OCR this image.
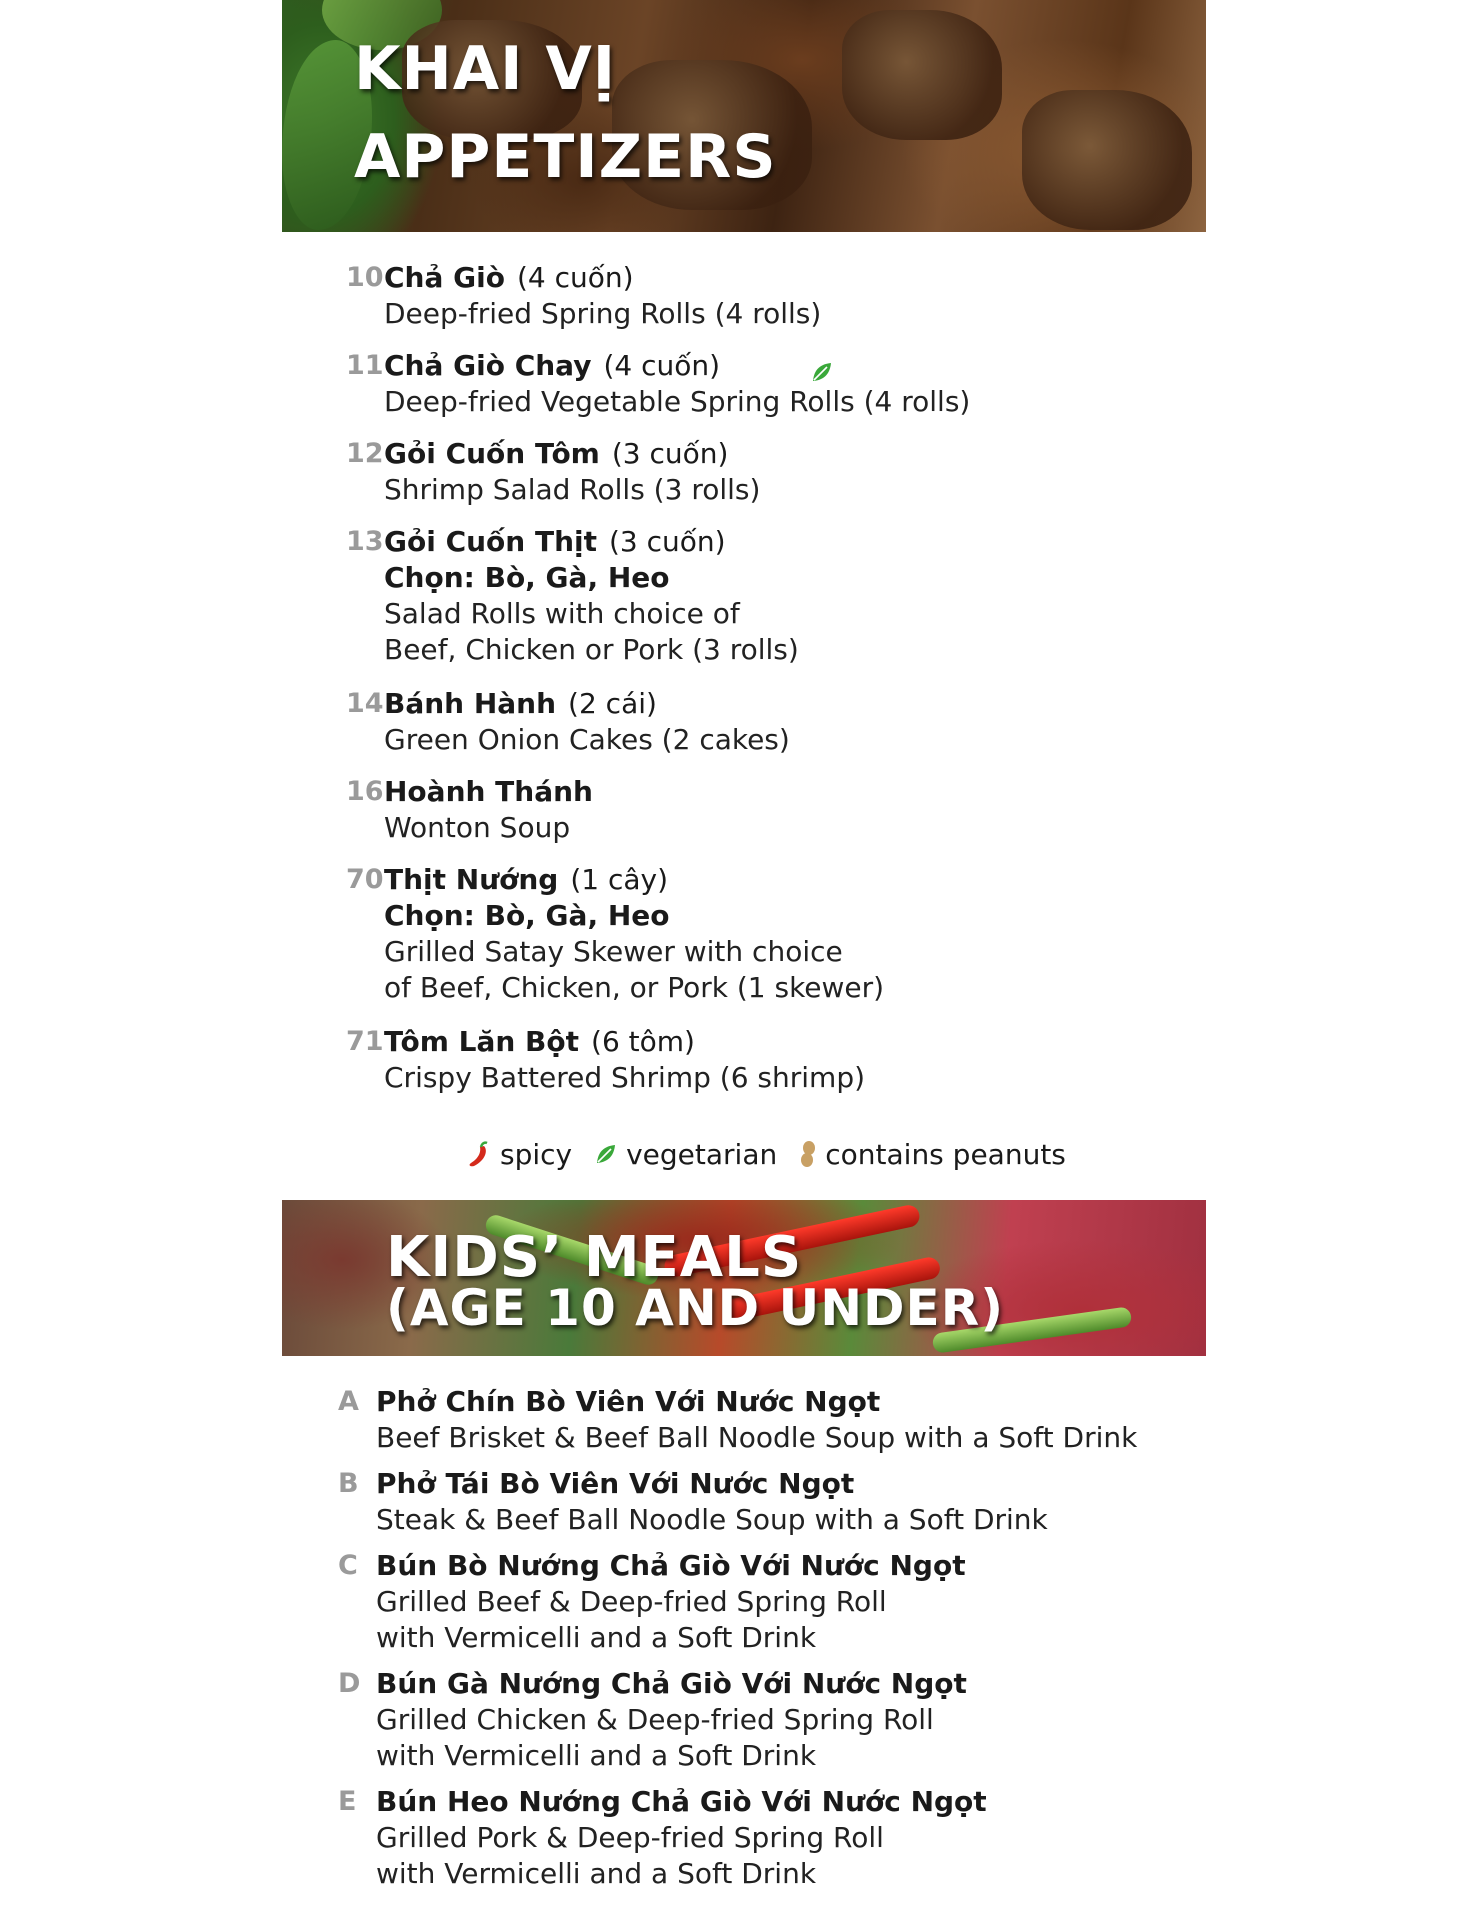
KHAI VỊ
APPETIZERS
10 Chả Giò (4 cuốn)
Deep-fried Spring Rolls (4 rolls)
11 Chả Giò Chay (4 cuốn)
Deep-fried Vegetable Spring Rolls (4 rolls)
12 Gỏi Cuốn Tôm (3 cuốn)
Shrimp Salad Rolls (3 rolls)
13 Gỏi Cuốn Thịt (3 cuốn)
Chọn: Bò, Gà, Heo
Salad Rolls with choice of
Beef, Chicken or Pork (3 rolls)
14 Bánh Hành (2 cái)
Green Onion Cakes (2 cakes)
16 Hoành Thánh
Wonton Soup
70 Thịt Nướng (1 cây)
Chọn: Bò, Gà, Heo
Grilled Satay Skewer with choice
of Beef, Chicken, or Pork (1 skewer)
71 Tôm Lăn Bột (6 tôm)
Crispy Battered Shrimp (6 shrimp)
spicy vegetarian contains peanuts
KIDS’ MEALS
(AGE 10 AND UNDER)
A Phở Chín Bò Viên Với Nước Ngọt
Beef Brisket & Beef Ball Noodle Soup with a Soft Drink
B Phở Tái Bò Viên Với Nước Ngọt
Steak & Beef Ball Noodle Soup with a Soft Drink
C Bún Bò Nướng Chả Giò Với Nước Ngọt
Grilled Beef & Deep-fried Spring Roll
with Vermicelli and a Soft Drink
D Bún Gà Nướng Chả Giò Với Nước Ngọt
Grilled Chicken & Deep-fried Spring Roll
with Vermicelli and a Soft Drink
E Bún Heo Nướng Chả Giò Với Nước Ngọt
Grilled Pork & Deep-fried Spring Roll
with Vermicelli and a Soft Drink
